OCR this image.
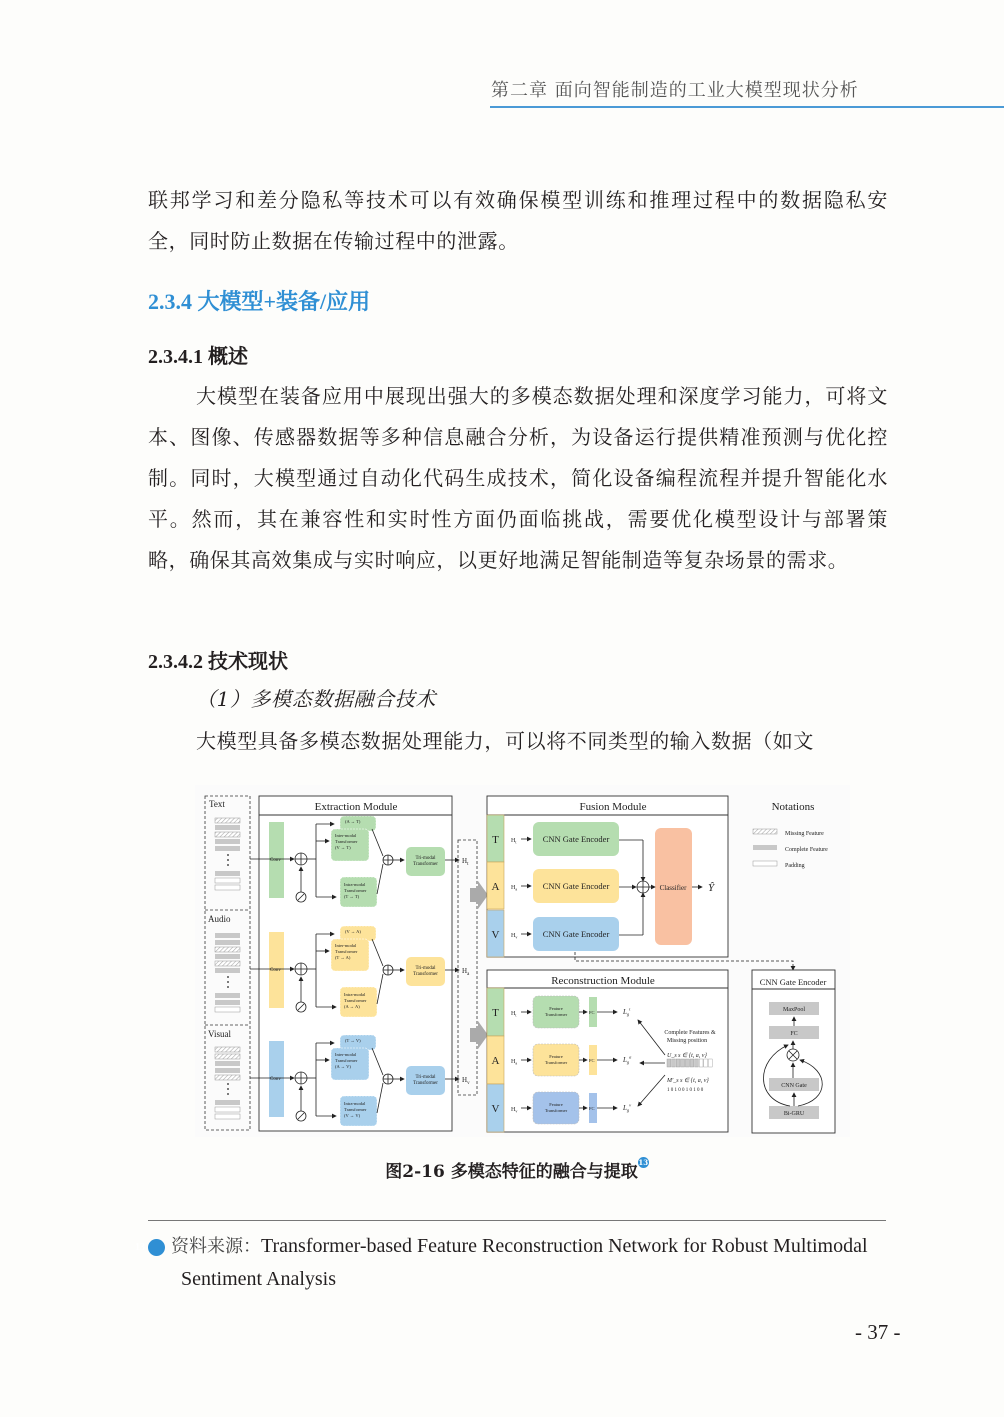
第二章 面向智能制造的工业大模型现状分析
联邦学习和差分隐私等技术可以有效确保模型训练和推理过程中的数据隐私安全，同时防止数据在传输过程中的泄露。
2.3.4 大模型+装备/应用
2.3.4.1 概述
大模型在装备应用中展现出强大的多模态数据处理和深度学习能力，可将文本、图像、传感器数据等多种信息融合分析，为设备运行提供精准预测与优化控制。同时，大模型通过自动化代码生成技术，简化设备编程流程并提升智能化水平。然而，其在兼容性和实时性方面仍面临挑战，需要优化模型设计与部署策略，确保其高效集成与实时响应，以更好地满足智能制造等复杂场景的需求。
2.3.4.2 技术现状
（1）多模态数据融合技术
大模型具备多模态数据处理能力，可以将不同类型的输入数据（如文
Text
Audio
Visual
Extraction Module
Conv
(A → T)
Inter-modal
Transformer
(V → T)
Intra-modal
Transformer
(T → T)
Tri-modal
Transformer	$H_t$
Conv
(V → A)
Inter-modal
Transformer
(T → A)
Intra-modal
Transformer
(A → A)
Tri-modal
Transformer	$H_a$
Conv
(T → V)
Inter-modal
Transformer
(A → V)
Intra-modal
Transformer
(V → V)
Tri-modal
Transformer	$H_v$
Fusion Module
Classifier Ŷ
T $H_t$	CNN Gate Encoder
A $H_a$	CNN Gate Encoder
V $H_v$	CNN Gate Encoder
Notations
Missing Feature
Complete Feature
Padding
Reconstruction Module
T $H_t$
Feature
Transformer	FC	$L_g^t$
A $H_a$
Feature
Transformer	FC	$L_g^a$
V $H_v$
Feature
Transformer	FC	$L_g^v$
Complete Features &
Missing position
U_s s ∈ {t, a, v}
M'_s s ∈ {t, a, v}
1 0 1 0 0 1 0 1 0 0
CNN Gate Encoder
MaxPool
FC
CNN Gate
Bi-GRU
图2-16 多模态特征的融合与提取13
13 资料来源：Transformer-based Feature Reconstruction Network for Robust Multimodal Sentiment Analysis
- 37 -
